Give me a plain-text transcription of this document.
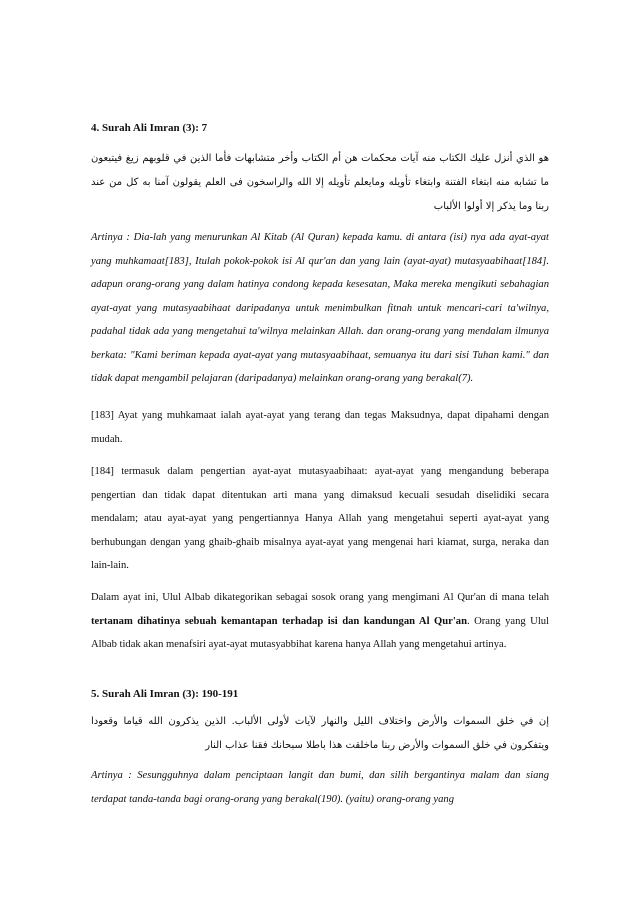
4. Surah Ali Imran (3): 7

هو الذي أنزل عليك الكتاب منه آيات محكمات هن أم الكتاب وأخر متشابهات فأما الذين في قلوبهم زيغ فيتبعون ما تشابه منه ابتغاء الفتنة وابتغاء تأويله ومايعلم تأويله إلا الله والراسخون فى العلم يقولون آمنا به كل من عند ربنا وما يذكر إلا أولوا الألباب

Artinya : Dia-lah yang menurunkan Al Kitab (Al Quran) kepada kamu. di antara (isi) nya ada ayat-ayat yang muhkamaat[183], Itulah pokok-pokok isi Al qur'an dan yang lain (ayat-ayat) mutasyaabihaat[184]. adapun orang-orang yang dalam hatinya condong kepada kesesatan, Maka mereka mengikuti sebahagian ayat-ayat yang mutasyaabihaat daripadanya untuk menimbulkan fitnah untuk mencari-cari ta'wilnya, padahal tidak ada yang mengetahui ta'wilnya melainkan Allah. dan orang-orang yang mendalam ilmunya berkata: "Kami beriman kepada ayat-ayat yang mutasyaabihaat, semuanya itu dari sisi Tuhan kami." dan tidak dapat mengambil pelajaran (daripadanya) melainkan orang-orang yang berakal(7).

[183] Ayat yang muhkamaat ialah ayat-ayat yang terang dan tegas Maksudnya, dapat dipahami dengan mudah.

[184] termasuk dalam pengertian ayat-ayat mutasyaabihaat: ayat-ayat yang mengandung beberapa pengertian dan tidak dapat ditentukan arti mana yang dimaksud kecuali sesudah diselidiki secara mendalam; atau ayat-ayat yang pengertiannya Hanya Allah yang mengetahui seperti ayat-ayat yang berhubungan dengan yang ghaib-ghaib misalnya ayat-ayat yang mengenai hari kiamat, surga, neraka dan lain-lain.

Dalam ayat ini, Ulul Albab dikategorikan sebagai sosok orang yang mengimani Al Qur'an di mana telah tertanam dihatinya sebuah kemantapan terhadap isi dan kandungan Al Qur'an. Orang yang Ulul Albab tidak akan menafsiri ayat-ayat mutasyabbihat karena hanya Allah yang mengetahui artinya.

5. Surah Ali Imran (3): 190-191

إن في خلق السموات والأرض واختلاف الليل والنهار لآيات لأولى الألباب. الذين يذكرون الله قياما وقعودا ويتفكرون في خلق السموات والأرض ربنا ماخلقت هذا باطلا سبحانك فقنا عذاب النار

Artinya : Sesungguhnya dalam penciptaan langit dan bumi, dan silih bergantinya malam dan siang terdapat tanda-tanda bagi orang-orang yang berakal(190). (yaitu) orang-orang yang
